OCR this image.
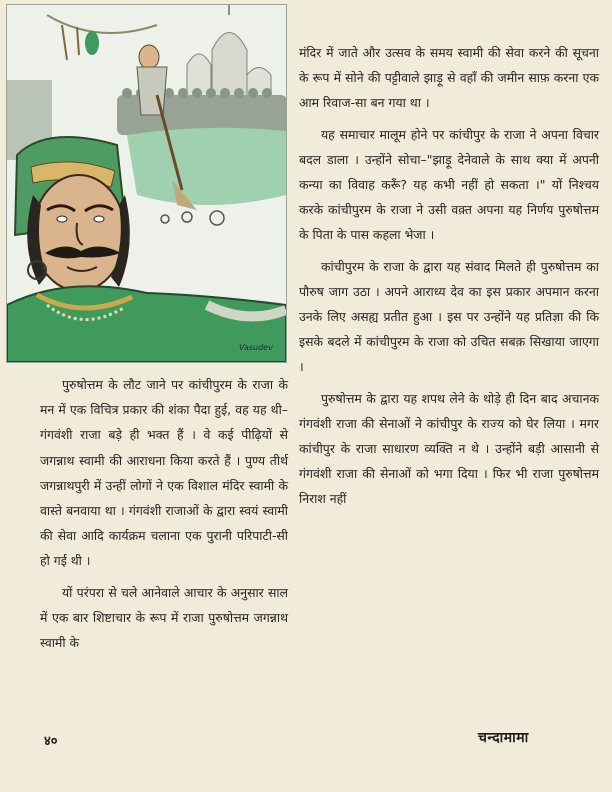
Vasudev

मंदिर में जाते और उत्सव के समय स्वामी की सेवा करने की सूचना के रूप में सोने की पट्टीवाले झाड़ू से वहाँ की जमीन साफ़ करना एक आम रिवाज-सा बन गया था ।

यह समाचार मालूम होने पर कांचीपुर के राजा ने अपना विचार बदल डाला । उन्होंने सोचा–"झाड़ू देनेवाले के साथ क्या में अपनी कन्या का विवाह करूँ? यह कभी नहीं हो सकता ।" यों निश्चय करके कांचीपुरम के राजा ने उसी वक़्त अपना यह निर्णय पुरुषोत्तम के पिता के पास कहला भेजा ।

कांचीपुरम के राजा के द्वारा यह संवाद मिलते ही पुरुषोत्तम का पौरुष जाग उठा । अपने आराध्य देव का इस प्रकार अपमान करना उनके लिए असह्य प्रतीत हुआ । इस पर उन्होंने यह प्रतिज्ञा की कि इसके बदले में कांचीपुरम के राजा को उचित सबक़ सिखाया जाएगा ।

पुरुषोत्तम के द्वारा यह शपथ लेने के थोड़े ही दिन बाद अचानक गंगवंशी राजा की सेनाओं ने कांचीपुर के राज्य को घेर लिया । मगर कांचीपुर के राजा साधारण व्यक्ति न थे । उन्होंने बड़ी आसानी से गंगवंशी राजा की सेनाओं को भगा दिया । फिर भी राजा पुरुषोत्तम निराश नहीं

पुरुषोत्तम के लौट जाने पर कांचीपुरम के राजा के मन में एक विचित्र प्रकार की शंका पैदा हुई, वह यह थी–गंगवंशी राजा बड़े ही भक्त हैं । वे कई पीढ़ियों से जगन्नाथ स्वामी की आराधना किया करते हैं । पुण्य तीर्थ जगन्नाथपुरी में उन्हीं लोगों ने एक विशाल मंदिर स्वामी के वास्ते बनवाया था । गंगवंशी राजाओं के द्वारा स्वयं स्वामी की सेवा आदि कार्यक्रम चलाना एक पुरानी परिपाटी-सी हो गई थी ।

यों परंपरा से चले आनेवाले आचार के अनुसार साल में एक बार शिष्टाचार के रूप में राजा पुरुषोत्तम जगन्नाथ स्वामी के

४०	चन्दामामा
